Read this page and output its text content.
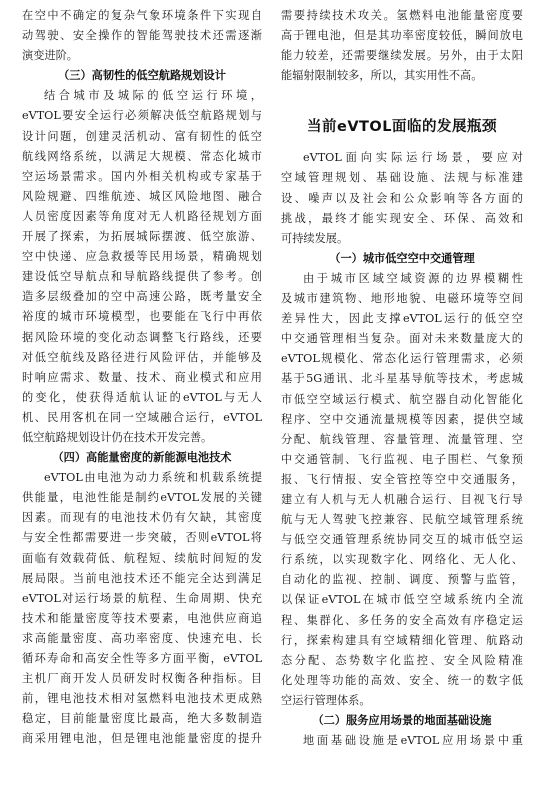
在空中不确定的复杂气象环境条件下实现自
动驾驶、安全操作的智能驾驶技术还需逐渐
演变进阶。
（三）高韧性的低空航路规划设计
结合城市及城际的低空运行环境，
eVTOL要安全运行必须解决低空航路规划与
设计问题，创建灵活机动、富有韧性的低空
航线网络系统，以满足大规模、常态化城市
空运场景需求。国内外相关机构或专家基于
风险规避、四维航迹、城区风险地图、融合
人员密度因素等角度对无人机路径规划方面
开展了探索，为拓展城际摆渡、低空旅游、
空中快递、应急救援等民用场景，精确规划
建设低空导航点和导航路线提供了参考。创
造多层级叠加的空中高速公路，既考量安全
裕度的城市环境模型，也要能在飞行中再依
据风险环境的变化动态调整飞行路线，还要
对低空航线及路径进行风险评估，并能够及
时响应需求、数量、技术、商业模式和应用
的变化，使获得适航认证的eVTOL与无人
机、民用客机在同一空域融合运行，eVTOL
低空航路规划设计仍在技术开发完善。
（四）高能量密度的新能源电池技术
eVTOL由电池为动力系统和机载系统提
供能量，电池性能是制约eVTOL发展的关键
因素。而现有的电池技术仍有欠缺，其密度
与安全性都需要进一步突破，否则eVTOL将
面临有效载荷低、航程短、续航时间短的发
展局限。当前电池技术还不能完全达到满足
eVTOL对运行场景的航程、生命周期、快充
技术和能量密度等技术要素，电池供应商追
求高能量密度、高功率密度、快速充电、长
循环寿命和高安全性等多方面平衡，eVTOL
主机厂商开发人员研发时权衡各种指标。目
前，锂电池技术相对氢燃料电池技术更成熟
稳定，目前能量密度比最高，绝大多数制造
商采用锂电池，但是锂电池能量密度的提升
需要持续技术攻关。氢燃料电池能量密度要
高于锂电池，但是其功率密度较低，瞬间放电
能力较差，还需要继续发展。另外，由于太阳
能辐射限制较多，所以，其实用性不高。
当前eVTOL面临的发展瓶颈
eVTOL面向实际运行场景，要应对
空域管理规划、基础设施、法规与标准建
设、噪声以及社会和公众影响等各方面的
挑战，最终才能实现安全、环保、高效和
可持续发展。
（一）城市低空空中交通管理
由于城市区域空域资源的边界模糊性
及城市建筑物、地形地貌、电磁环境等空间
差异性大，因此支撑eVTOL运行的低空空
中交通管理相当复杂。面对未来数量庞大的
eVTOL规模化、常态化运行管理需求，必须
基于5G通讯、北斗星基导航等技术，考虑城
市低空空域运行模式、航空器自动化智能化
程序、空中交通流量规模等因素，提供空域
分配、航线管理、容量管理、流量管理、空
中交通管制、飞行监视、电子围栏、气象预
报、飞行情报、安全管控等空中交通服务，
建立有人机与无人机融合运行、目视飞行导
航与无人驾驶飞控兼容、民航空域管理系统
与低空交通管理系统协同交互的城市低空运
行系统，以实现数字化、网络化、无人化、
自动化的监视、控制、调度、预警与监管，
以保证eVTOL在城市低空空域系统内全流
程、集群化、多任务的安全高效有序稳定运
行，探索构建具有空域精细化管理、航路动
态分配、态势数字化监控、安全风险精准
化处理等功能的高效、安全、统一的数字低
空运行管理体系。
（二）服务应用场景的地面基础设施
地面基础设施是eVTOL应用场景中重
